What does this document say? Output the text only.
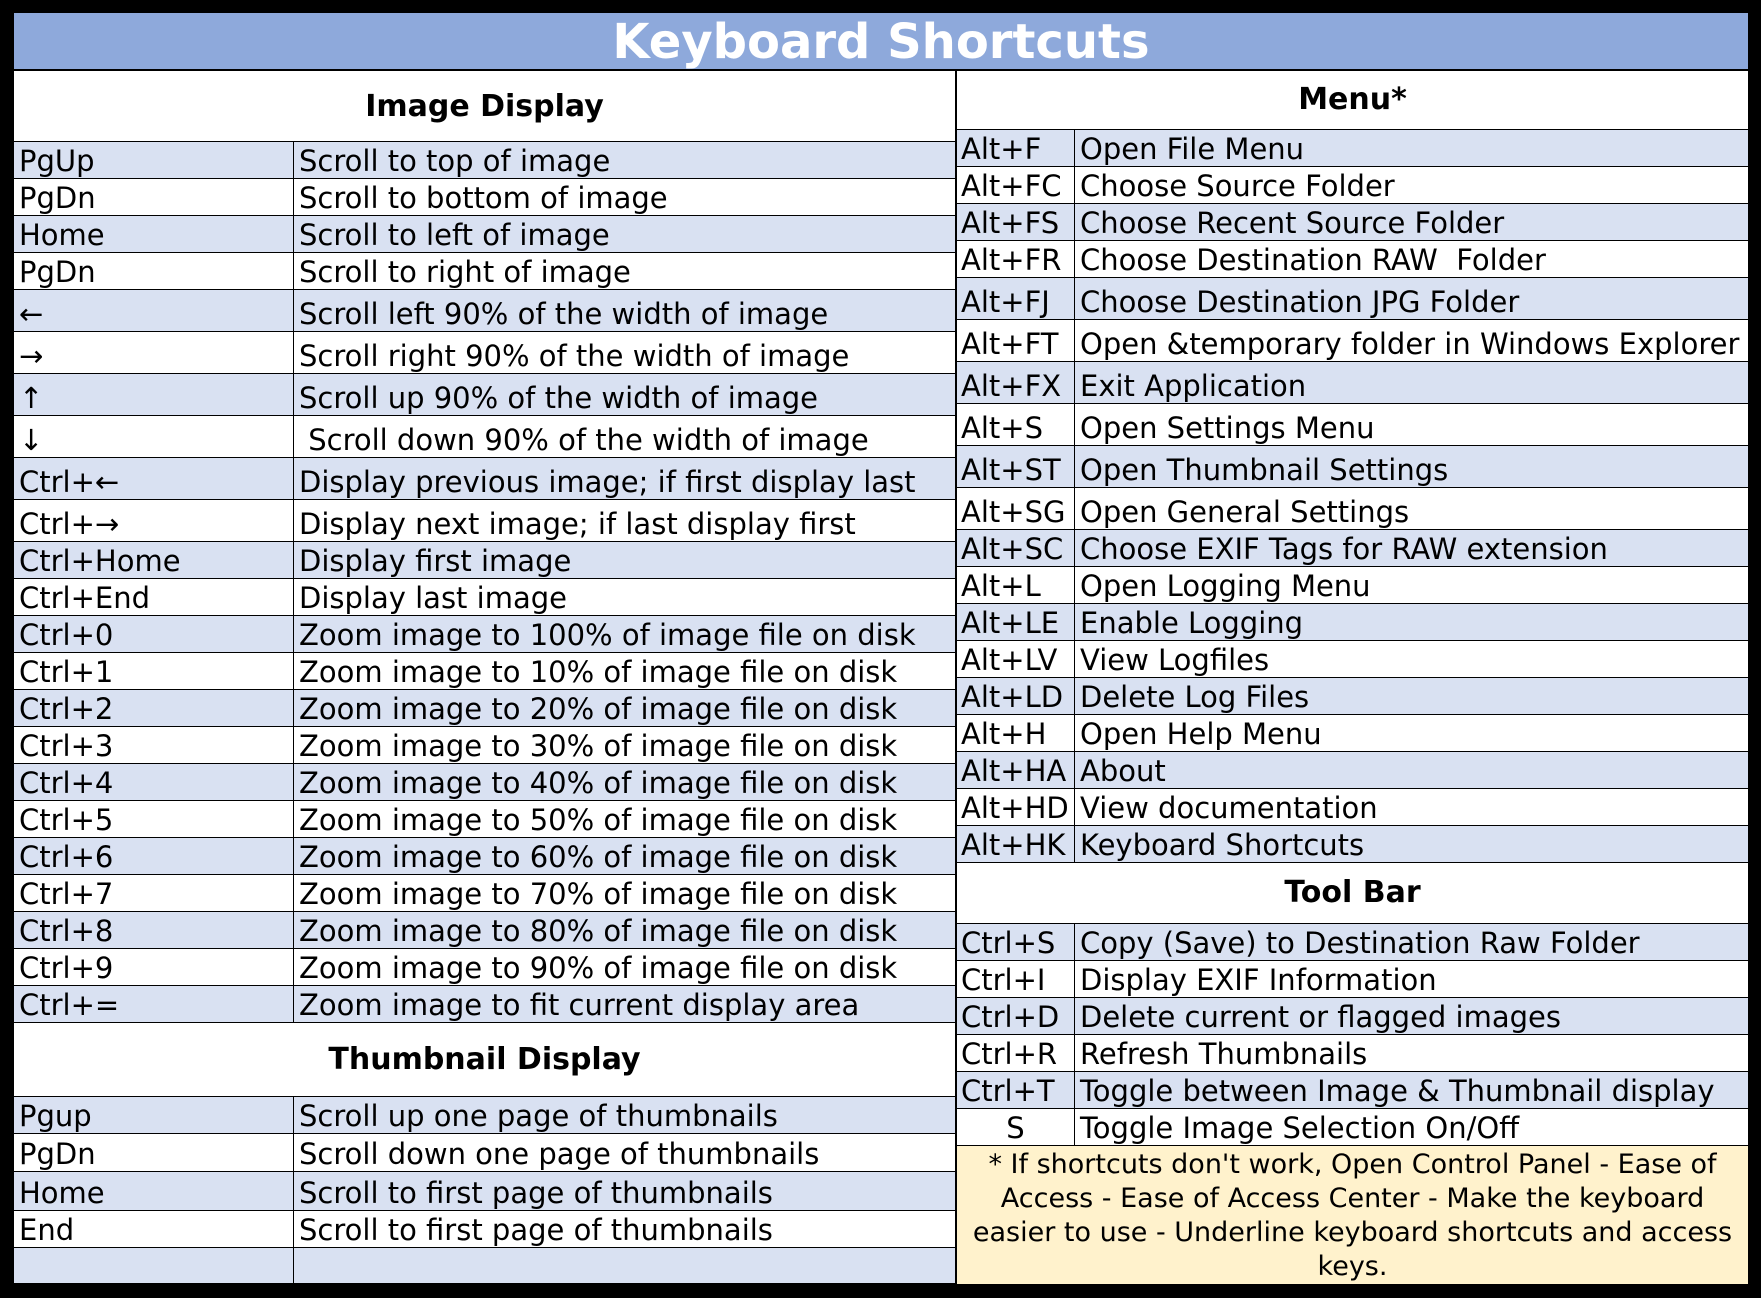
Keyboard Shortcuts
Image Display
PgUp	Scroll to top of image
PgDn	Scroll to bottom of image
Home	Scroll to left of image
PgDn	Scroll to right of image
←	Scroll left 90% of the width of image
→	Scroll right 90% of the width of image
↑	Scroll up 90% of the width of image
↓	Scroll down 90% of the width of image
Ctrl+←	Display previous image; if first display last
Ctrl+→	Display next image; if last display first
Ctrl+Home	Display first image
Ctrl+End	Display last image
Ctrl+0	Zoom image to 100% of image file on disk
Ctrl+1	Zoom image to 10% of image file on disk
Ctrl+2	Zoom image to 20% of image file on disk
Ctrl+3	Zoom image to 30% of image file on disk
Ctrl+4	Zoom image to 40% of image file on disk
Ctrl+5	Zoom image to 50% of image file on disk
Ctrl+6	Zoom image to 60% of image file on disk
Ctrl+7	Zoom image to 70% of image file on disk
Ctrl+8	Zoom image to 80% of image file on disk
Ctrl+9	Zoom image to 90% of image file on disk
Ctrl+=	Zoom image to fit current display area
Thumbnail Display
Pgup	Scroll up one page of thumbnails
PgDn	Scroll down one page of thumbnails
Home	Scroll to first page of thumbnails
End	Scroll to first page of thumbnails
Menu*
Alt+F Open File Menu
Alt+FC Choose Source Folder
Alt+FS Choose Recent Source Folder
Alt+FR Choose Destination RAW  Folder
Alt+FJ Choose Destination JPG Folder
Alt+FT Open &temporary folder in Windows Explorer
Alt+FX Exit Application
Alt+S Open Settings Menu
Alt+ST Open Thumbnail Settings
Alt+SG Open General Settings
Alt+SC Choose EXIF Tags for RAW extension
Alt+L Open Logging Menu
Alt+LE Enable Logging
Alt+LV View Logfiles
Alt+LD Delete Log Files
Alt+H Open Help Menu
Alt+HA About
Alt+HD View documentation
Alt+HK Keyboard Shortcuts
Tool Bar
Ctrl+S Copy (Save) to Destination Raw Folder
Ctrl+I Display EXIF Information
Ctrl+D Delete current or flagged images
Ctrl+R Refresh Thumbnails
Ctrl+T Toggle between Image & Thumbnail display
S Toggle Image Selection On/Off
* If shortcuts don't work, Open Control Panel - Ease of Access - Ease of Access Center - Make the keyboard easier to use - Underline keyboard shortcuts and access keys.
